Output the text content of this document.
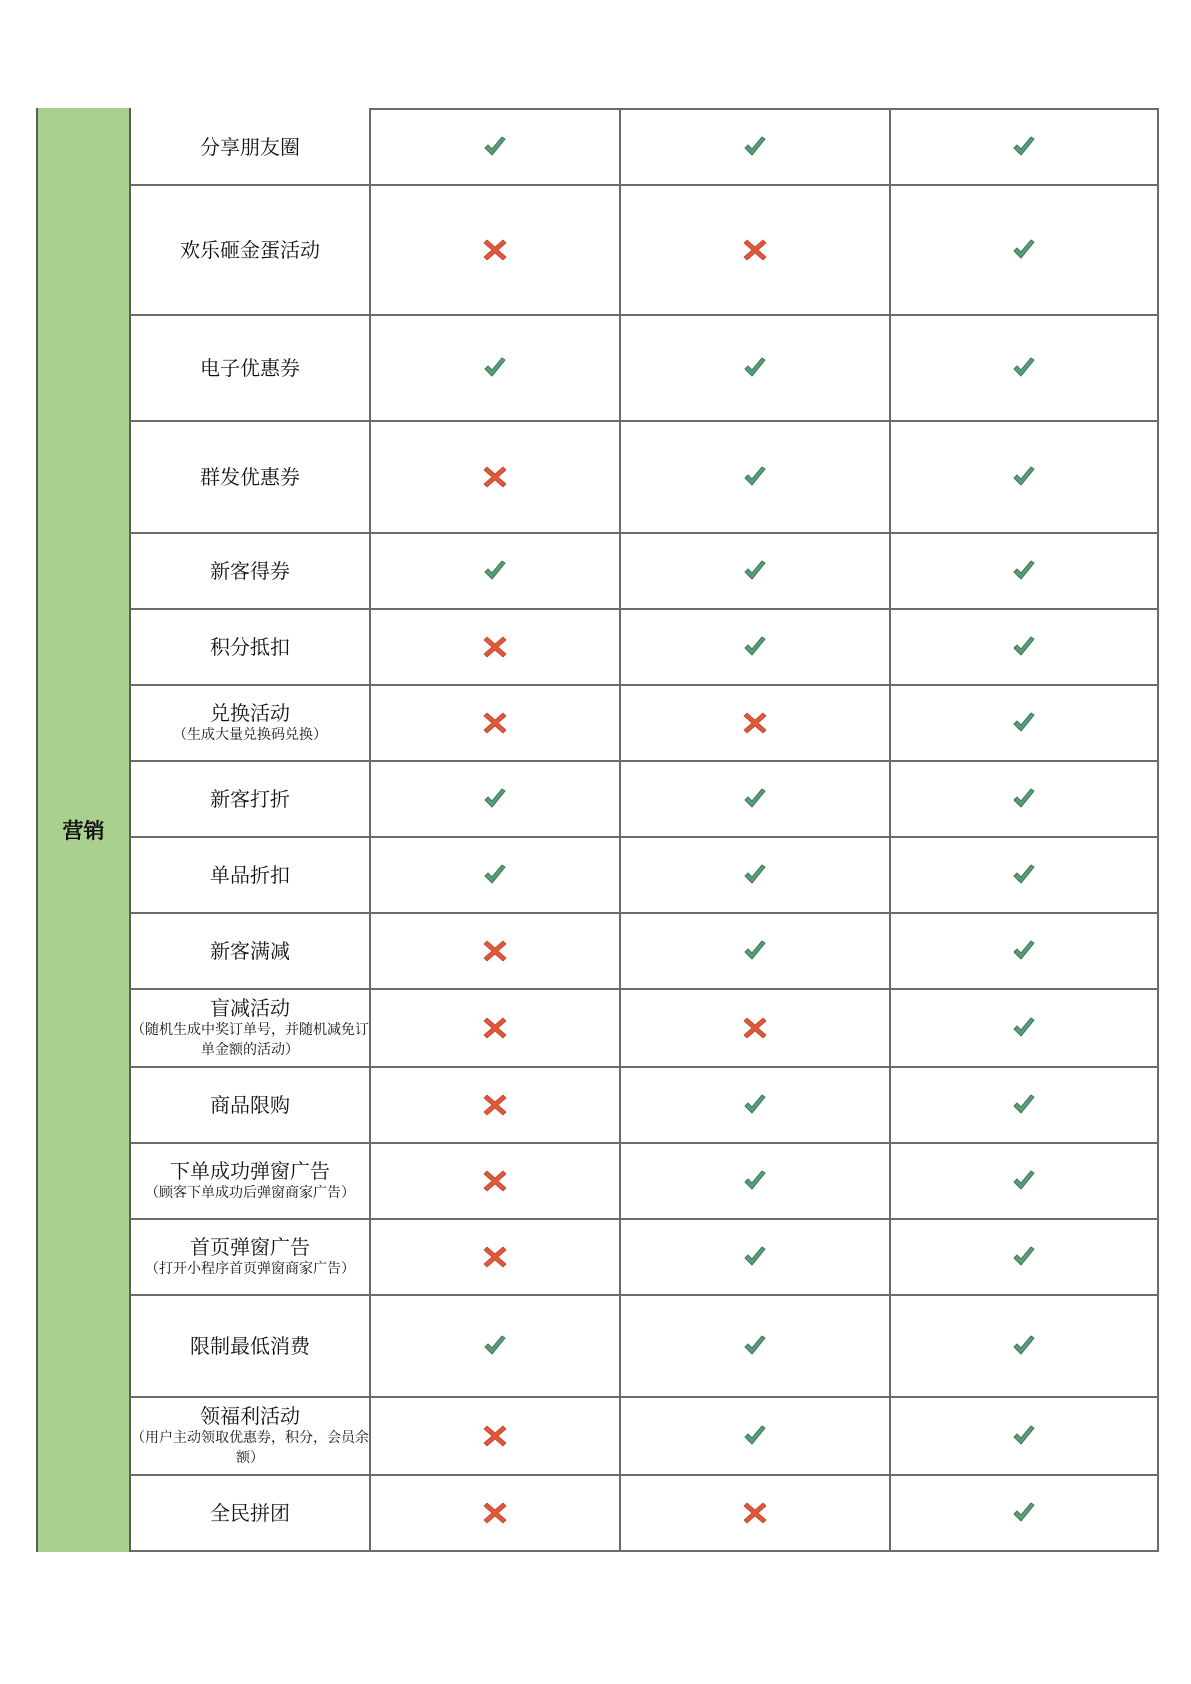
营销
分享朋友圈
欢乐砸金蛋活动
电子优惠券
群发优惠券
新客得券
积分抵扣
兑换活动
（生成大量兑换码兑换）
新客打折
单品折扣
新客满减
盲减活动
（随机生成中奖订单号，并随机减免订单金额的活动）
商品限购
下单成功弹窗广告
（顾客下单成功后弹窗商家广告）
首页弹窗广告
（打开小程序首页弹窗商家广告）
限制最低消费
领福利活动
（用户主动领取优惠券，积分，会员余额）
全民拼团
